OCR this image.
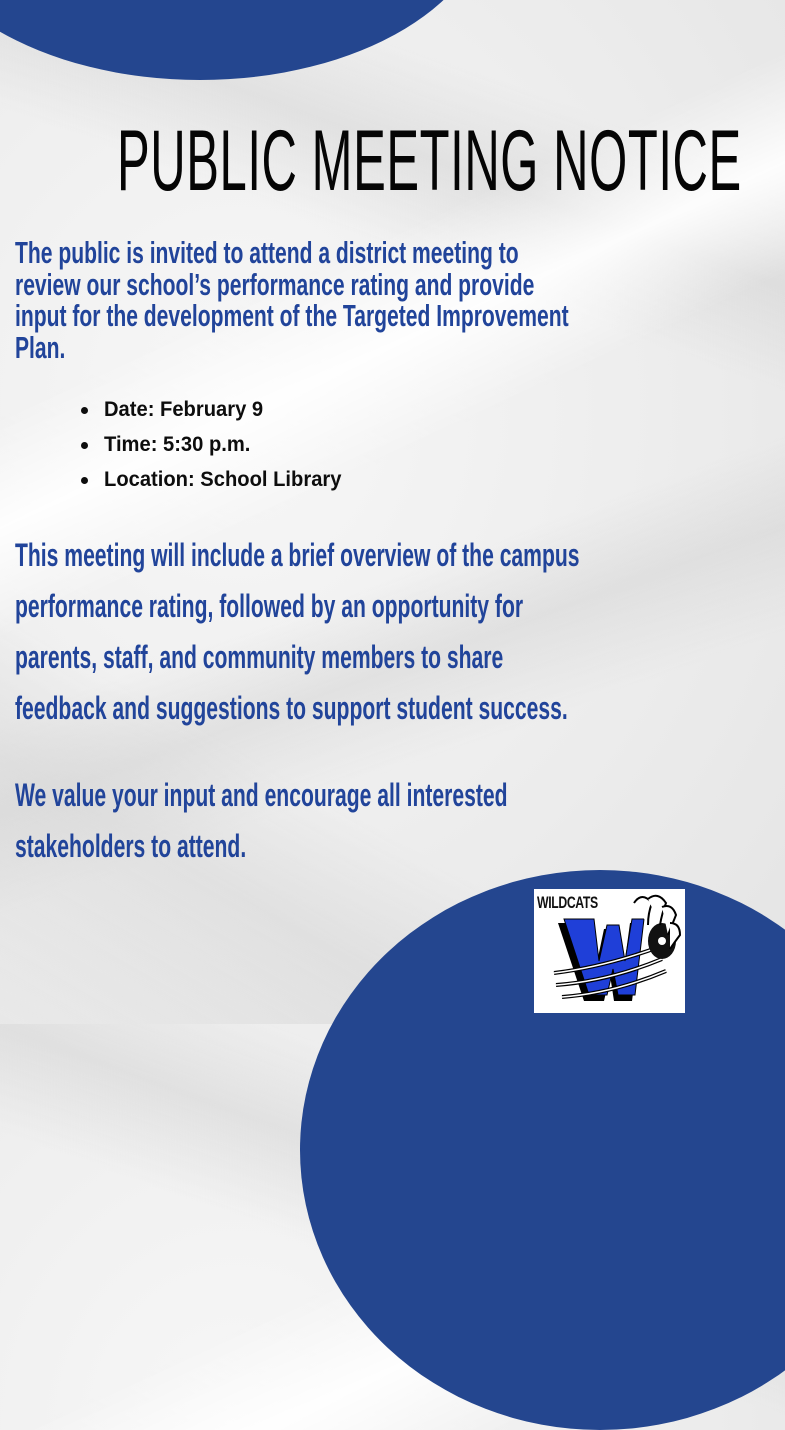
PUBLIC MEETING NOTICE
The public is invited to attend a district meeting to
review our school’s performance rating and provide
input for the development of the Targeted Improvement
Plan.
Date: February 9
Time: 5:30 p.m.
Location: School Library
This meeting will include a brief overview of the campus
performance rating, followed by an opportunity for
parents, staff, and community members to share
feedback and suggestions to support student success.
We value your input and encourage all interested
stakeholders to attend.
WILDCATS
